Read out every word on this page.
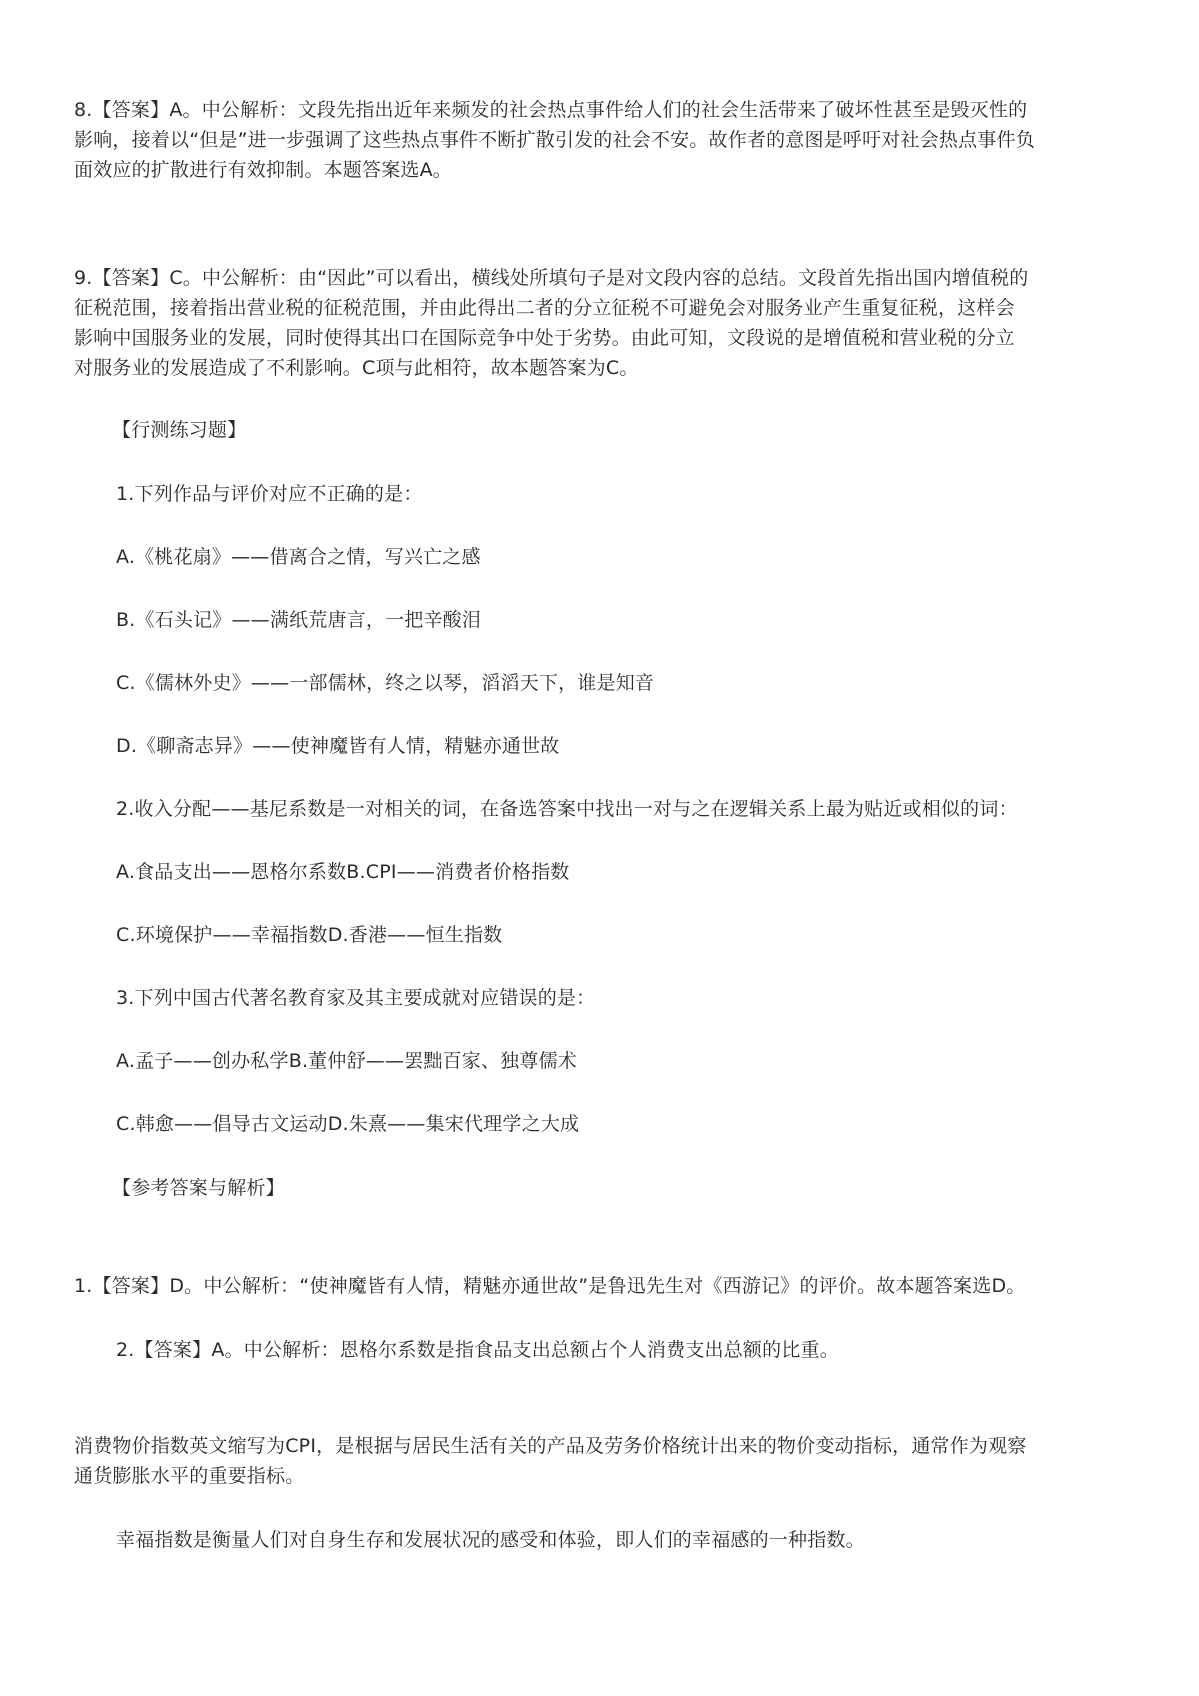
8.【答案】A。中公解析：文段先指出近年来频发的社会热点事件给人们的社会生活带来了破坏性甚至是毁灭性的
影响，接着以“但是”进一步强调了这些热点事件不断扩散引发的社会不安。故作者的意图是呼吁对社会热点事件负
面效应的扩散进行有效抑制。本题答案选A。
9.【答案】C。中公解析：由“因此”可以看出，横线处所填句子是对文段内容的总结。文段首先指出国内增值税的
征税范围，接着指出营业税的征税范围，并由此得出二者的分立征税不可避免会对服务业产生重复征税，这样会
影响中国服务业的发展，同时使得其出口在国际竞争中处于劣势。由此可知，文段说的是增值税和营业税的分立
对服务业的发展造成了不利影响。C项与此相符，故本题答案为C。
【行测练习题】
1.下列作品与评价对应不正确的是：
A.《桃花扇》——借离合之情，写兴亡之感
B.《石头记》——满纸荒唐言，一把辛酸泪
C.《儒林外史》——一部儒林，终之以琴，滔滔天下，谁是知音
D.《聊斋志异》——使神魔皆有人情，精魅亦通世故
2.收入分配——基尼系数是一对相关的词，在备选答案中找出一对与之在逻辑关系上最为贴近或相似的词：
A.食品支出——恩格尔系数B.CPI——消费者价格指数
C.环境保护——幸福指数D.香港——恒生指数
3.下列中国古代著名教育家及其主要成就对应错误的是：
A.孟子——创办私学B.董仲舒——罢黜百家、独尊儒术
C.韩愈——倡导古文运动D.朱熹——集宋代理学之大成
【参考答案与解析】
1.【答案】D。中公解析：“使神魔皆有人情，精魅亦通世故”是鲁迅先生对《西游记》的评价。故本题答案选D。
2.【答案】A。中公解析：恩格尔系数是指食品支出总额占个人消费支出总额的比重。
消费物价指数英文缩写为CPI，是根据与居民生活有关的产品及劳务价格统计出来的物价变动指标，通常作为观察
通货膨胀水平的重要指标。
幸福指数是衡量人们对自身生存和发展状况的感受和体验，即人们的幸福感的一种指数。
